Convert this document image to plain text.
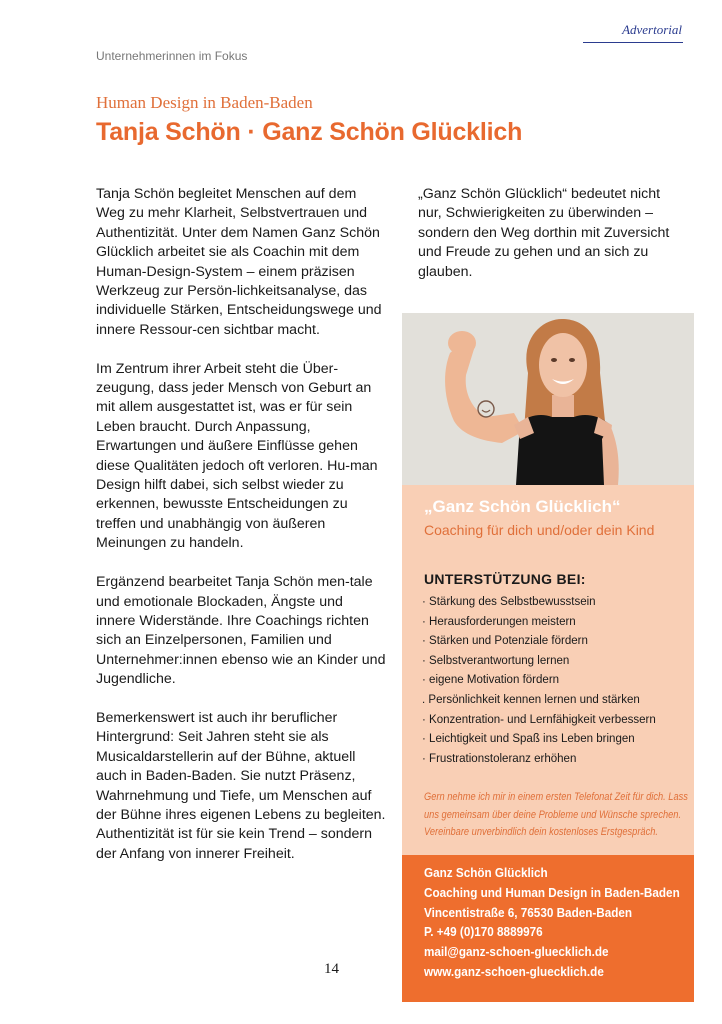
Advertorial
Unternehmerinnen im Fokus
Human Design in Baden-Baden
Tanja Schön · Ganz Schön Glücklich

Tanja Schön begleitet Menschen auf dem Weg zu mehr Klarheit, Selbstvertrauen und Authentizität. Unter dem Namen Ganz Schön Glücklich arbeitet sie als Coachin mit dem Human-Design-System – einem präzisen Werkzeug zur Persön-lichkeitsanalyse, das individuelle Stärken, Entscheidungswege und innere Ressour-cen sichtbar macht.

Im Zentrum ihrer Arbeit steht die Über-zeugung, dass jeder Mensch von Geburt an mit allem ausgestattet ist, was er für sein Leben braucht. Durch Anpassung, Erwartungen und äußere Einflüsse gehen diese Qualitäten jedoch oft verloren. Hu-man Design hilft dabei, sich selbst wieder zu erkennen, bewusste Entscheidungen zu treffen und unabhängig von äußeren Meinungen zu handeln.

Ergänzend bearbeitet Tanja Schön men-tale und emotionale Blockaden, Ängste und innere Widerstände. Ihre Coachings richten sich an Einzelpersonen, Familien und Unternehmer:innen ebenso wie an Kinder und Jugendliche.

Bemerkenswert ist auch ihr beruflicher Hintergrund: Seit Jahren steht sie als Musicaldarstellerin auf der Bühne, aktuell auch in Baden-Baden. Sie nutzt Präsenz, Wahrnehmung und Tiefe, um Menschen auf der Bühne ihres eigenen Lebens zu begleiten. Authentizität ist für sie kein Trend – sondern der Anfang von innerer Freiheit.

„Ganz Schön Glücklich“ bedeutet nicht nur, Schwierigkeiten zu überwinden – sondern den Weg dorthin mit Zuversicht und Freude zu gehen und an sich zu glauben.

„Ganz Schön Glücklich“
Coaching für dich und/oder dein Kind
UNTERSTÜTZUNG BEI:
· Stärkung des Selbstbewusstsein
· Herausforderungen meistern
· Stärken und Potenziale fördern
· Selbstverantwortung lernen
· eigene Motivation fördern
. Persönlichkeit kennen lernen und stärken
· Konzentration- und Lernfähigkeit verbessern
· Leichtigkeit und Spaß ins Leben bringen
· Frustrationstoleranz erhöhen
Gern nehme ich mir in einem ersten Telefonat Zeit für dich. Lass
uns gemeinsam über deine Probleme und Wünsche sprechen.
Vereinbare unverbindlich dein kostenloses Erstgespräch.
Ganz Schön Glücklich
Coaching und Human Design in Baden-Baden
Vincentistraße 6, 76530 Baden-Baden
P. +49 (0)170 8889976
mail@ganz-schoen-gluecklich.de
www.ganz-schoen-gluecklich.de
14
